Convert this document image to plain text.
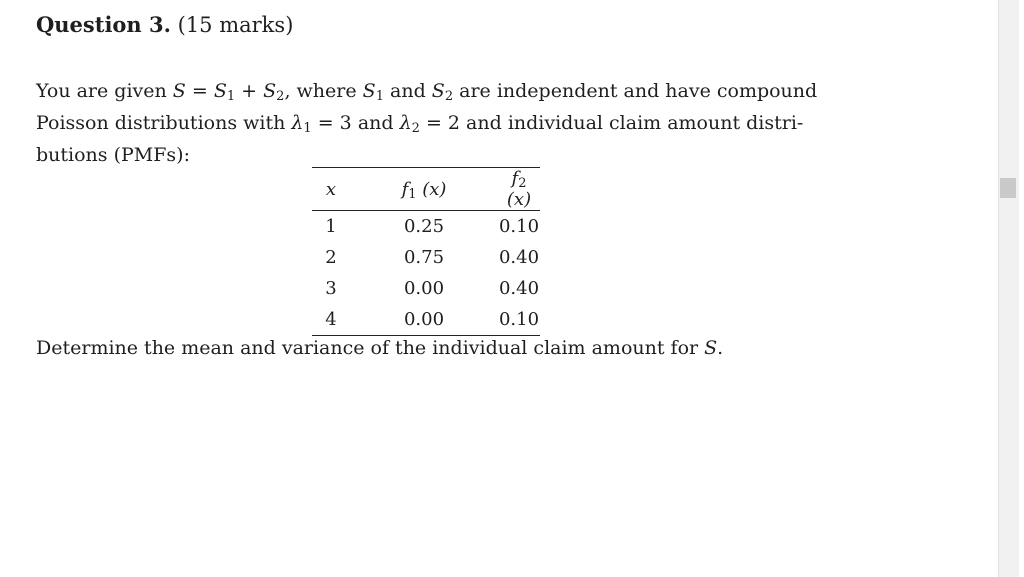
Question 3. (15 marks)
You are given $S = S_1 + S_2$, where $S_1$ and $S_2$ are independent and have compound
Poisson distributions with $\lambda_1 = 3$ and $\lambda_2 = 2$ and individual claim amount distri-
butions (PMFs):
x	$f_1$ (x)	$f_2$ (x)
1	0.25	0.10
2	0.75	0.40
3	0.00	0.40
4	0.00	0.10
Determine the mean and variance of the individual claim amount for S.
